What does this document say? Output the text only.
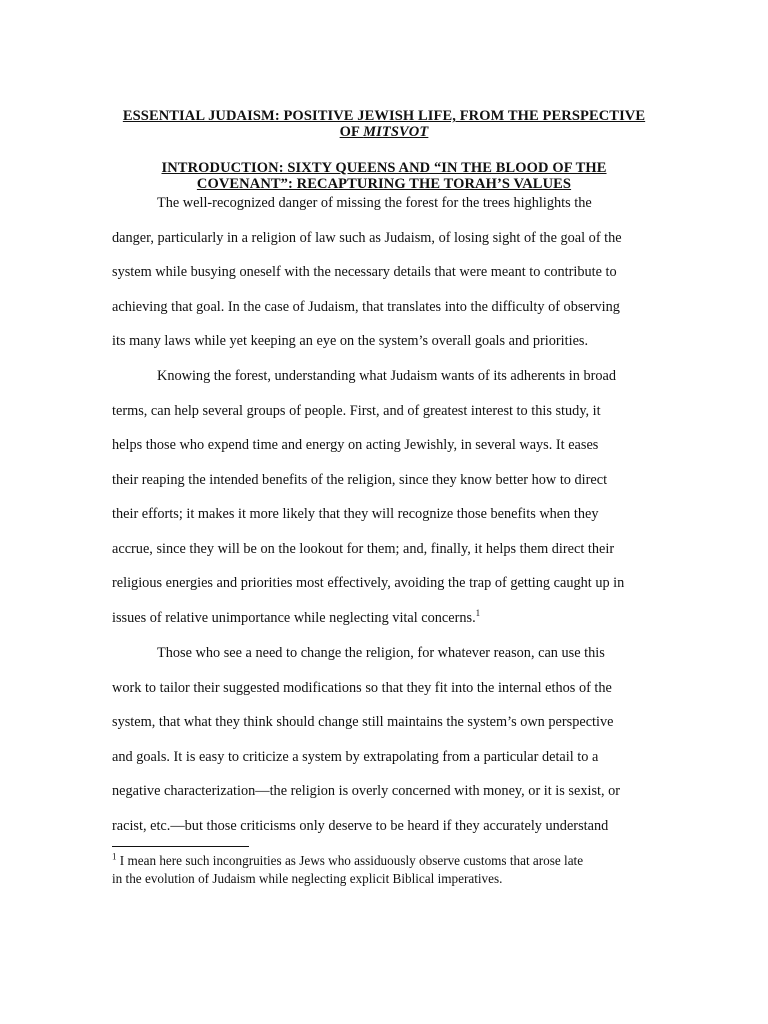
ESSENTIAL JUDAISM: POSITIVE JEWISH LIFE, FROM THE PERSPECTIVE
OF MITSVOT

INTRODUCTION: SIXTY QUEENS AND “IN THE BLOOD OF THE
COVENANT”: RECAPTURING THE TORAH’S VALUES

The well-recognized danger of missing the forest for the trees highlights the
danger, particularly in a religion of law such as Judaism, of losing sight of the goal of the
system while busying oneself with the necessary details that were meant to contribute to
achieving that goal. In the case of Judaism, that translates into the difficulty of observing
its many laws while yet keeping an eye on the system’s overall goals and priorities.
Knowing the forest, understanding what Judaism wants of its adherents in broad
terms, can help several groups of people. First, and of greatest interest to this study, it
helps those who expend time and energy on acting Jewishly, in several ways. It eases
their reaping the intended benefits of the religion, since they know better how to direct
their efforts; it makes it more likely that they will recognize those benefits when they
accrue, since they will be on the lookout for them; and, finally, it helps them direct their
religious energies and priorities most effectively, avoiding the trap of getting caught up in
issues of relative unimportance while neglecting vital concerns.$^1$
Those who see a need to change the religion, for whatever reason, can use this
work to tailor their suggested modifications so that they fit into the internal ethos of the
system, that what they think should change still maintains the system’s own perspective
and goals. It is easy to criticize a system by extrapolating from a particular detail to a
negative characterization—the religion is overly concerned with money, or it is sexist, or
racist, etc.—but those criticisms only deserve to be heard if they accurately understand

$^1$ I mean here such incongruities as Jews who assiduously observe customs that arose late
in the evolution of Judaism while neglecting explicit Biblical imperatives.
